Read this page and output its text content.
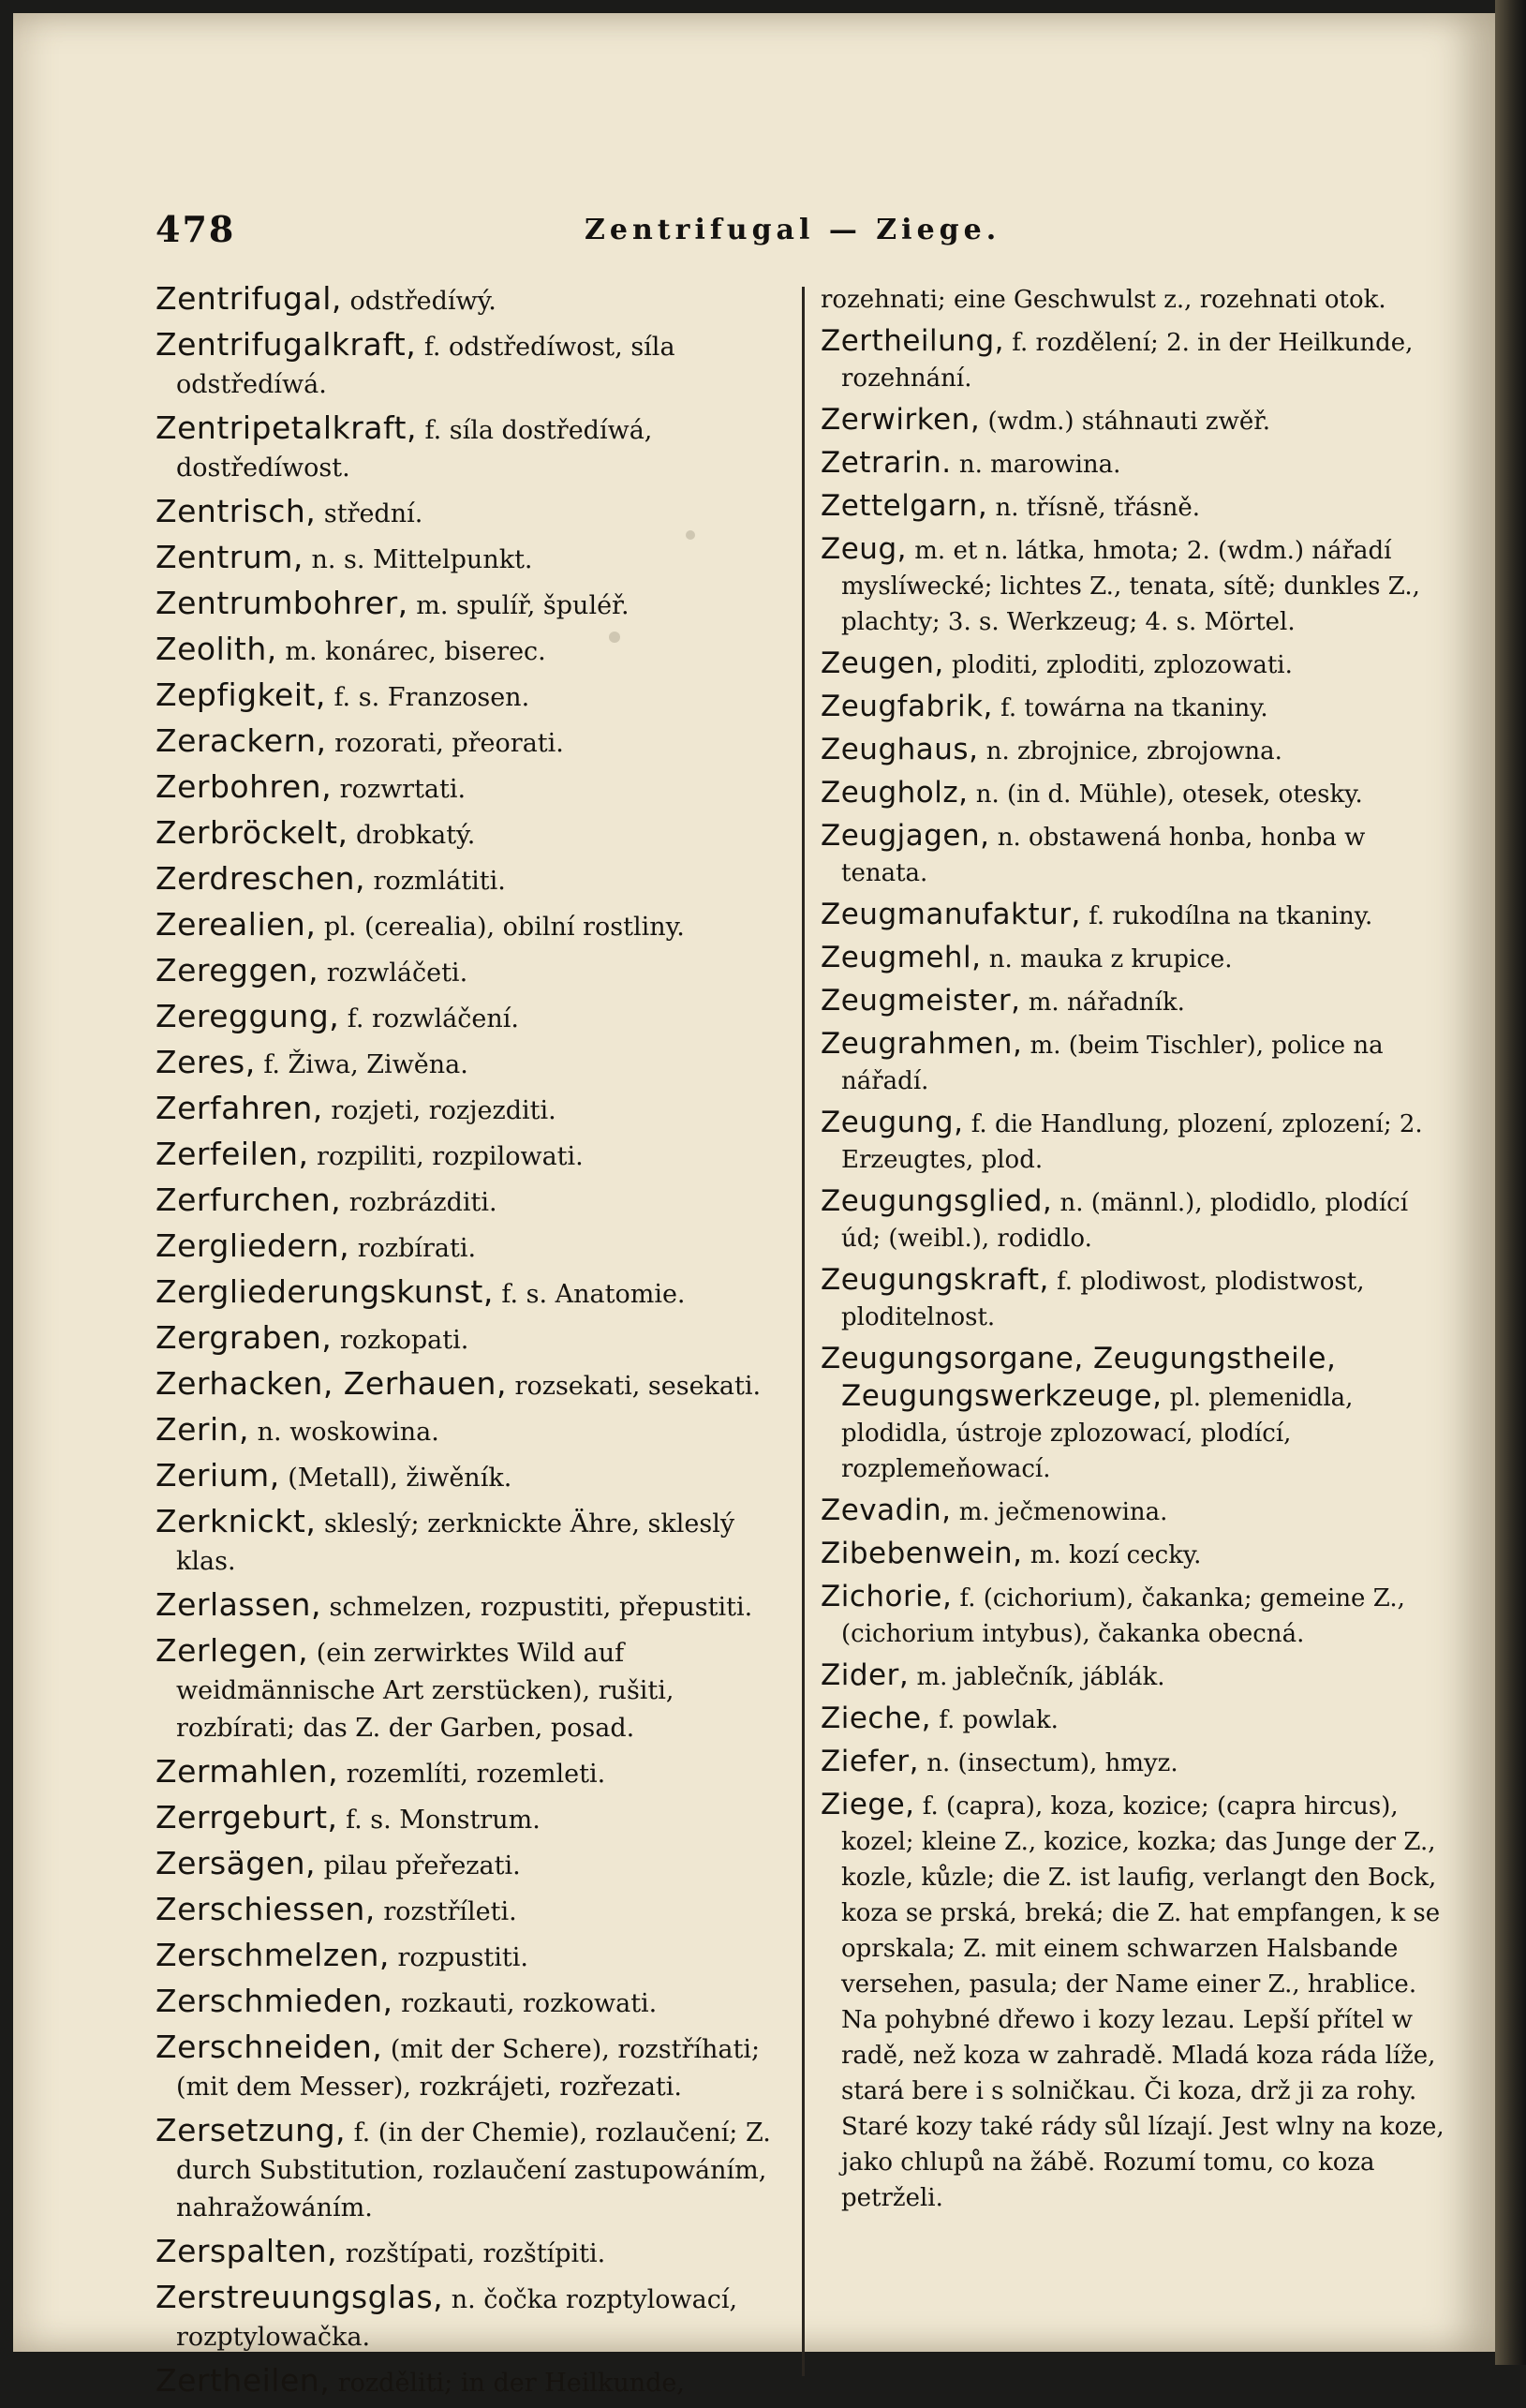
478	Zentrifugal — Ziege.
Zentrifugal, odstředíwý.
Zentrifugalkraft, f. odstředíwost, síla odstředíwá.
Zentripetalkraft, f. síla dostředíwá, dostředíwost.
Zentrisch, střední.
Zentrum, n. s. Mittelpunkt.
Zentrumbohrer, m. spulíř, špuléř.
Zeolith, m. konárec, biserec.
Zepfigkeit, f. s. Franzosen.
Zerackern, rozorati, přeorati.
Zerbohren, rozwrtati.
Zerbröckelt, drobkatý.
Zerdreschen, rozmlátiti.
Zerealien, pl. (cerealia), obilní rostliny.
Zereggen, rozwláčeti.
Zereggung, f. rozwláčení.
Zeres, f. Žiwa, Ziwěna.
Zerfahren, rozjeti, rozjezditi.
Zerfeilen, rozpiliti, rozpilowati.
Zerfurchen, rozbrázditi.
Zergliedern, rozbírati.
Zergliederungskunst, f. s. Anatomie.
Zergraben, rozkopati.
Zerhacken, Zerhauen, rozsekati, sesekati.
Zerin, n. woskowina.
Zerium, (Metall), žiwěník.
Zerknickt, skleslý; zerknickte Ähre, skleslý klas.
Zerlassen, schmelzen, rozpustiti, přepustiti.
Zerlegen, (ein zerwirktes Wild auf weidmännische Art zerstücken), rušiti, rozbírati; das Z. der Garben, posad.
Zermahlen, rozemlíti, rozemleti.
Zerrgeburt, f. s. Monstrum.
Zersägen, pilau přeřezati.
Zerschiessen, rozstříleti.
Zerschmelzen, rozpustiti.
Zerschmieden, rozkauti, rozkowati.
Zerschneiden, (mit der Schere), rozstříhati; (mit dem Messer), rozkrájeti, rozřezati.
Zersetzung, f. (in der Chemie), rozlaučení; Z. durch Substitution, rozlaučení zastupowáním, nahražowáním.
Zerspalten, rozštípati, rozštípiti.
Zerstreuungsglas, n. čočka rozptylowací, rozptylowačka.
Zertheilen, rozděliti; in der Heilkunde,
rozehnati; eine Geschwulst z., rozehnati otok.
Zertheilung, f. rozdělení; 2. in der Heilkunde, rozehnání.
Zerwirken, (wdm.) stáhnauti zwěř.
Zetrarin. n. marowina.
Zettelgarn, n. třísně, třásně.
Zeug, m. et n. látka, hmota; 2. (wdm.) nářadí myslíwecké; lichtes Z., tenata, sítě; dunkles Z., plachty; 3. s. Werkzeug; 4. s. Mörtel.
Zeugen, ploditi, zploditi, zplozowati.
Zeugfabrik, f. towárna na tkaniny.
Zeughaus, n. zbrojnice, zbrojowna.
Zeugholz, n. (in d. Mühle), otesek, otesky.
Zeugjagen, n. obstawená honba, honba w tenata.
Zeugmanufaktur, f. rukodílna na tkaniny.
Zeugmehl, n. mauka z krupice.
Zeugmeister, m. nářadník.
Zeugrahmen, m. (beim Tischler), police na nářadí.
Zeugung, f. die Handlung, plození, zplození; 2. Erzeugtes, plod.
Zeugungsglied, n. (männl.), plodidlo, plodící úd; (weibl.), rodidlo.
Zeugungskraft, f. plodiwost, plodistwost, ploditelnost.
Zeugungsorgane, Zeugungstheile, Zeugungswerkzeuge, pl. plemenidla, plodidla, ústroje zplozowací, plodící, rozplemeňowací.
Zevadin, m. ječmenowina.
Zibebenwein, m. kozí cecky.
Zichorie, f. (cichorium), čakanka; gemeine Z., (cichorium intybus), čakanka obecná.
Zider, m. jablečník, jáblák.
Zieche, f. powlak.
Ziefer, n. (insectum), hmyz.
Ziege, f. (capra), koza, kozice; (capra hircus), kozel; kleine Z., kozice, kozka; das Junge der Z., kozle, kůzle; die Z. ist laufig, verlangt den Bock, koza se prská, breká; die Z. hat empfangen, k se oprskala; Z. mit einem schwarzen Halsbande versehen, pasula; der Name einer Z., hrablice. Na pohybné dřewo i kozy lezau. Lepší přítel w radě, než koza w zahradě. Mladá koza ráda líže, stará bere i s solničkau. Či koza, drž ji za rohy. Staré kozy také rády sůl lízají. Jest wlny na koze, jako chlupů na žábě. Rozumí tomu, co koza petrželi.
